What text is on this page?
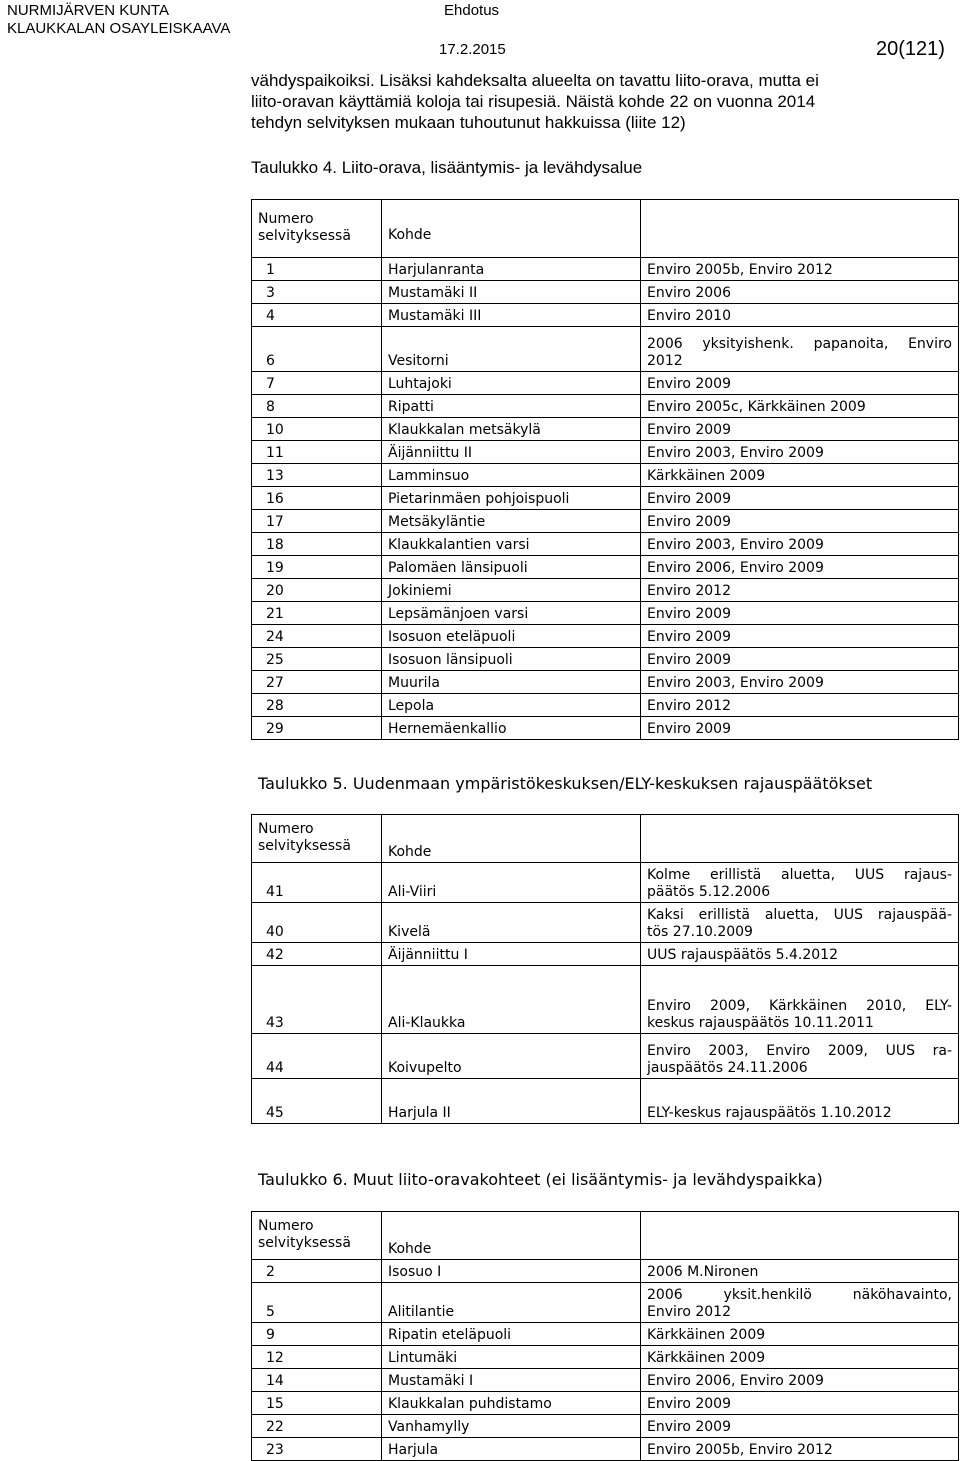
NURMIJÄRVEN KUNTA
KLAUKKALAN OSAYLEISKAAVA
Ehdotus
17.2.2015	20(121)
vähdyspaikoiksi. Lisäksi kahdeksalta alueelta on tavattu liito-orava, mutta ei
liito-oravan käyttämiä koloja tai risupesiä. Näistä kohde 22 on vuonna 2014
tehdyn selvityksen mukaan tuhoutunut hakkuissa (liite 12)
Taulukko 4. Liito-orava, lisääntymis- ja levähdysalue
Numero
selvityksessä	Kohde	
1	Harjulanranta	Enviro 2005b, Enviro 2012
3	Mustamäki II	Enviro 2006
4	Mustamäki III	Enviro 2010
6	Vesitorni	2006 yksityishenk. papanoita, Enviro
2012

7	Luhtajoki	Enviro 2009
8	Ripatti	Enviro 2005c, Kärkkäinen 2009
10	Klaukkalan metsäkylä	Enviro 2009
11	Äijänniittu II	Enviro 2003, Enviro 2009
13	Lamminsuo	Kärkkäinen 2009
16	Pietarinmäen pohjoispuoli	Enviro 2009
17	Metsäkyläntie	Enviro 2009
18	Klaukkalantien varsi	Enviro 2003, Enviro 2009
19	Palomäen länsipuoli	Enviro 2006, Enviro 2009
20	Jokiniemi	Enviro 2012
21	Lepsämänjoen varsi	Enviro 2009
24	Isosuon eteläpuoli	Enviro 2009
25	Isosuon länsipuoli	Enviro 2009
27	Muurila	Enviro 2003, Enviro 2009
28	Lepola	Enviro 2012
29	Hernemäenkallio	Enviro 2009
Taulukko 5. Uudenmaan ympäristökeskuksen/ELY-keskuksen rajauspäätökset
Numero
selvityksessä	Kohde	
41	Ali-Viiri	Kolme erillistä aluetta, UUS rajaus-
päätös 5.12.2006

40	Kivelä	Kaksi erillistä aluetta, UUS rajauspää-
tös 27.10.2009

42	Äijänniittu I	UUS rajauspäätös 5.4.2012
43	Ali-Klaukka	Enviro 2009, Kärkkäinen 2010, ELY-
keskus rajauspäätös 10.11.2011

44	Koivupelto	Enviro 2003, Enviro 2009, UUS ra-
jauspäätös 24.11.2006

45	Harjula II	ELY-keskus rajauspäätös 1.10.2012
Taulukko 6. Muut liito-oravakohteet (ei lisääntymis- ja levähdyspaikka)
Numero
selvityksessä	Kohde	
2	Isosuo I	2006 M.Nironen
5	Alitilantie	2006 yksit.henkilö näköhavainto,
Enviro 2012

9	Ripatin eteläpuoli	Kärkkäinen 2009
12	Lintumäki	Kärkkäinen 2009
14	Mustamäki I	Enviro 2006, Enviro 2009
15	Klaukkalan puhdistamo	Enviro 2009
22	Vanhamylly	Enviro 2009
23	Harjula	Enviro 2005b, Enviro 2012
